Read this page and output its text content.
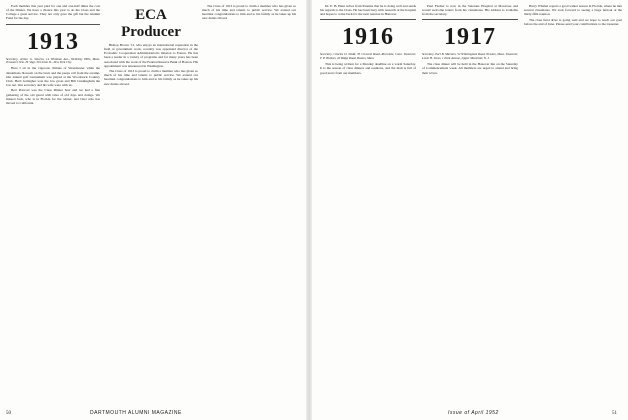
Each member this year paid for one and one-half times the cost of the Dinner. We have a chance this year to do the Class and the College a great service. They not only gave the gift but the Alumni Fund for the day.

1913

Secretary, Arthur G. Stearns, 14 Whitman Ave., Wellesley Hills, Mass. Treasurer, Wm. H. Vogt, 30 Union St., New York City.

Here I sit in the vigorous climate of Westchester while the dandelions blossom on the lawn and the peeps call from the swamp. Our annual golf tournament was played at the Woodstock Country Club. Herb Gallagher won the low gross and Bill Cunningham the low net. Our secretary and his wife were with us.

Bert Prescott was the Class Dinner host and we had a fine gathering of the old guard with tales of old days and doings. We missed Jack, who is in Florida for the winter, and Chet who has moved to California.

ECA Producer

Bishop Brown '13, who enjoys an international reputation in the field of government work, recently was appointed director of the Economic Cooperation Administration's mission to France. He has been a leader in a variety of programs and for many years has been associated with the work of the Federal Reserve Bank of Boston. His appointment was announced in Washington.

The Class of 1913 is proud to claim a member who has given so much of his time and talents to public service. We extend our heartiest congratulations to him and to his family as he takes up his new duties abroad.

The Class of 1913 is proud to claim a member who has given so much of his time and talents to public service. We extend our heartiest congratulations to him and to his family as he takes up his new duties abroad.

50	DARTMOUTH ALUMNI MAGAZINE

Dr. E. H. Hunt writes from Panama that he is doing well and sends his regards to the Class. He has been busy with research at the hospital and hopes to come back for the next reunion in Hanover.

1916

Secretary, Charles D. Sledd, 33 Crescent Road, Riverside, Conn. Treasurer, F. P. Holmes, 20 Ridge Road, Boston, Mass.

This is being written for a Monday deadline on a warm Saturday. It is the season of class dinners and reunions, and the mail is full of good news from our members.

Paul Fischer is now in the Veterans Hospital at Montrose and would welcome letters from his classmates. His address is available from the secretary.

1917

Secretary, Earl B. Marston, 52 Whittingham Road, Newton, Mass. Treasurer, Louis H. Jones, 1 Park Avenue, Upper Montclair, N. J.

The class dinner will be held in the Hanover Inn on the Saturday of Commencement week. All members are urged to attend and bring their wives.

Harry Whalen reports a good winter season in Florida, where he met several classmates. We look forward to seeing a large turnout at the thirty-fifth reunion.

The class fund drive is going well and we hope to reach our goal before the end of June. Please send your contributions to the treasurer.

Issue of April 1952	51
